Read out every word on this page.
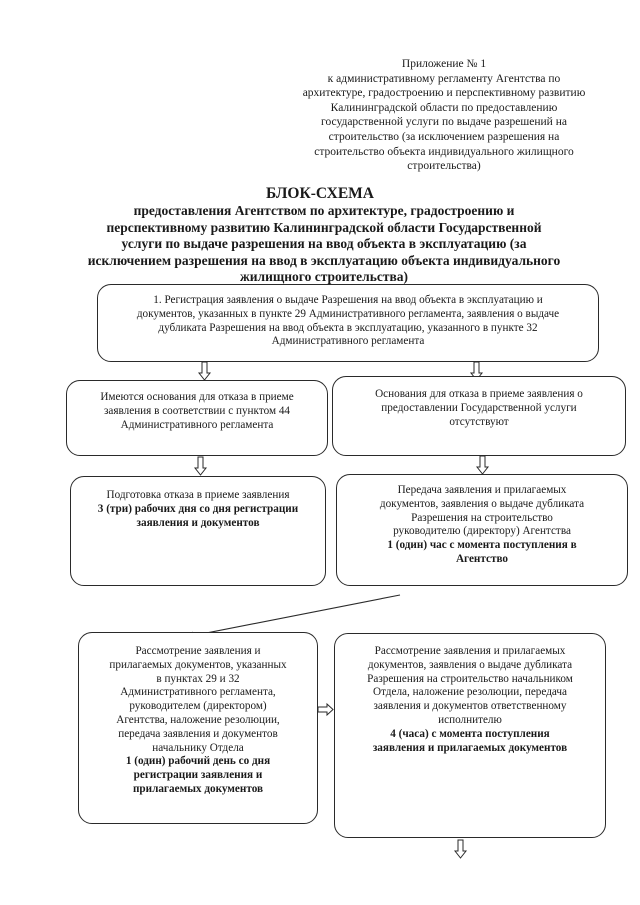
Приложение № 1
к административному регламенту Агентства по
архитектуре, градостроению и перспективному развитию
Калининградской области по предоставлению
государственной услуги по выдаче разрешений на
строительство (за исключением разрешения на
строительство объекта индивидуального жилищного
строительства)
БЛОК-СХЕМА
предоставления Агентством по архитектуре, градостроению и
перспективному развитию Калининградской области Государственной
услуги по выдаче разрешения на ввод объекта в эксплуатацию (за
исключением разрешения на ввод в эксплуатацию объекта индивидуального
жилищного строительства)
1. Регистрация заявления о выдаче Разрешения на ввод объекта в эксплуатацию и
документов, указанных в пункте 29 Административного регламента, заявления о выдаче
дубликата Разрешения на ввод объекта в эксплуатацию, указанного в пункте 32
Административного регламента
Имеются основания для отказа в приеме
заявления в соответствии с пунктом 44
Административного регламента
Основания для отказа в приеме заявления о
предоставлении Государственной услуги
отсутствуют
Подготовка отказа в приеме заявления
3 (три) рабочих дня со дня регистрации
заявления и документов
Передача заявления и прилагаемых
документов, заявления о выдаче дубликата
Разрешения на строительство
руководителю (директору) Агентства
1 (один) час с момента поступления в
Агентство
Рассмотрение заявления и
прилагаемых документов, указанных
в пунктах 29 и 32
Административного регламента,
руководителем (директором)
Агентства, наложение резолюции,
передача заявления и документов
начальнику Отдела
1 (один) рабочий день со дня
регистрации заявления и
прилагаемых документов
Рассмотрение заявления и прилагаемых
документов, заявления о выдаче дубликата
Разрешения на строительство начальником
Отдела, наложение резолюции, передача
заявления и документов ответственному
исполнителю
4 (часа) с момента поступления
заявления и прилагаемых документов
